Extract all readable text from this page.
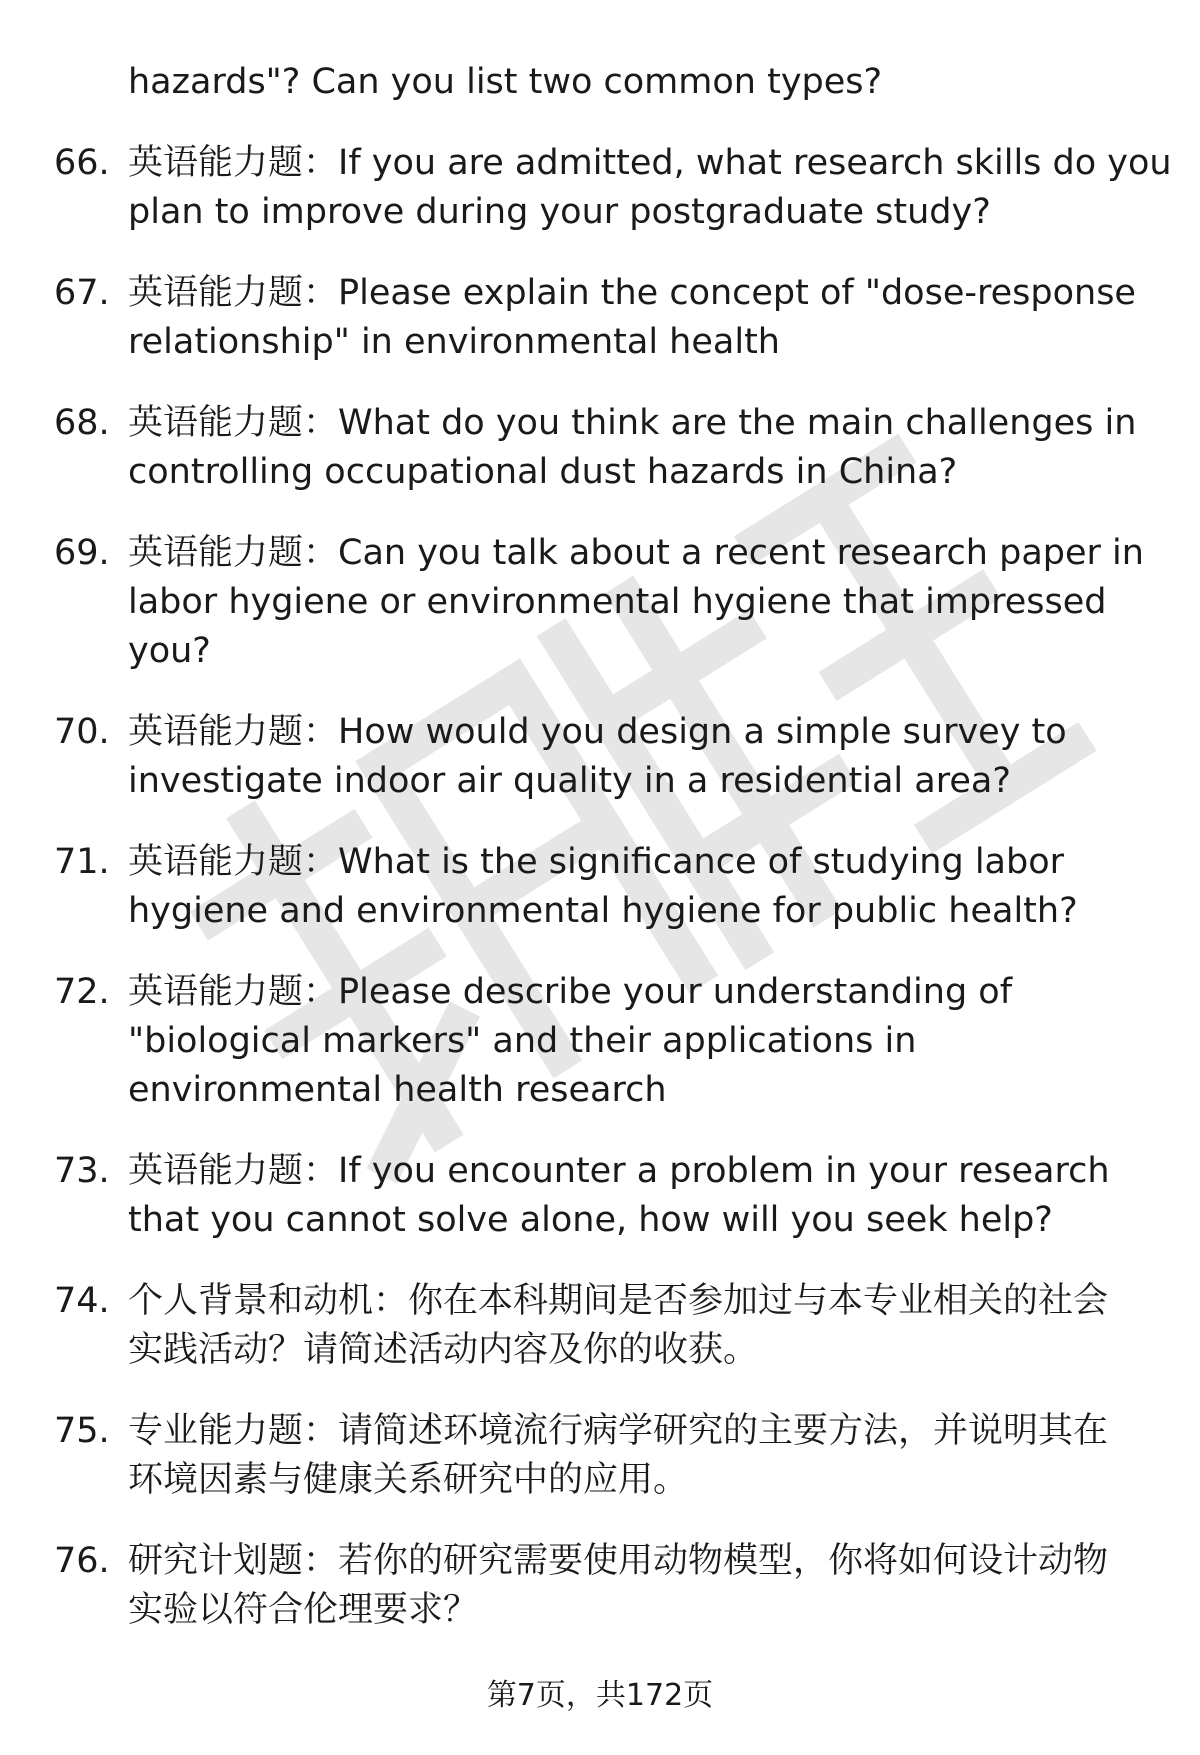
hazards"? Can you list two common types?
66. 英语能力题：If you are admitted, what research skills do you
plan to improve during your postgraduate study?
67. 英语能力题：Please explain the concept of "dose-response
relationship" in environmental health
68. 英语能力题：What do you think are the main challenges in
controlling occupational dust hazards in China?
69. 英语能力题：Can you talk about a recent research paper in
labor hygiene or environmental hygiene that impressed
you?
70. 英语能力题：How would you design a simple survey to
investigate indoor air quality in a residential area?
71. 英语能力题：What is the significance of studying labor
hygiene and environmental hygiene for public health?
72. 英语能力题：Please describe your understanding of
"biological markers" and their applications in
environmental health research
73. 英语能力题：If you encounter a problem in your research
that you cannot solve alone, how will you seek help?
74. 个人背景和动机：你在本科期间是否参加过与本专业相关的社会
实践活动？请简述活动内容及你的收获。
75. 专业能力题：请简述环境流行病学研究的主要方法，并说明其在
环境因素与健康关系研究中的应用。
76. 研究计划题：若你的研究需要使用动物模型，你将如何设计动物
实验以符合伦理要求？
第7页，共172页
